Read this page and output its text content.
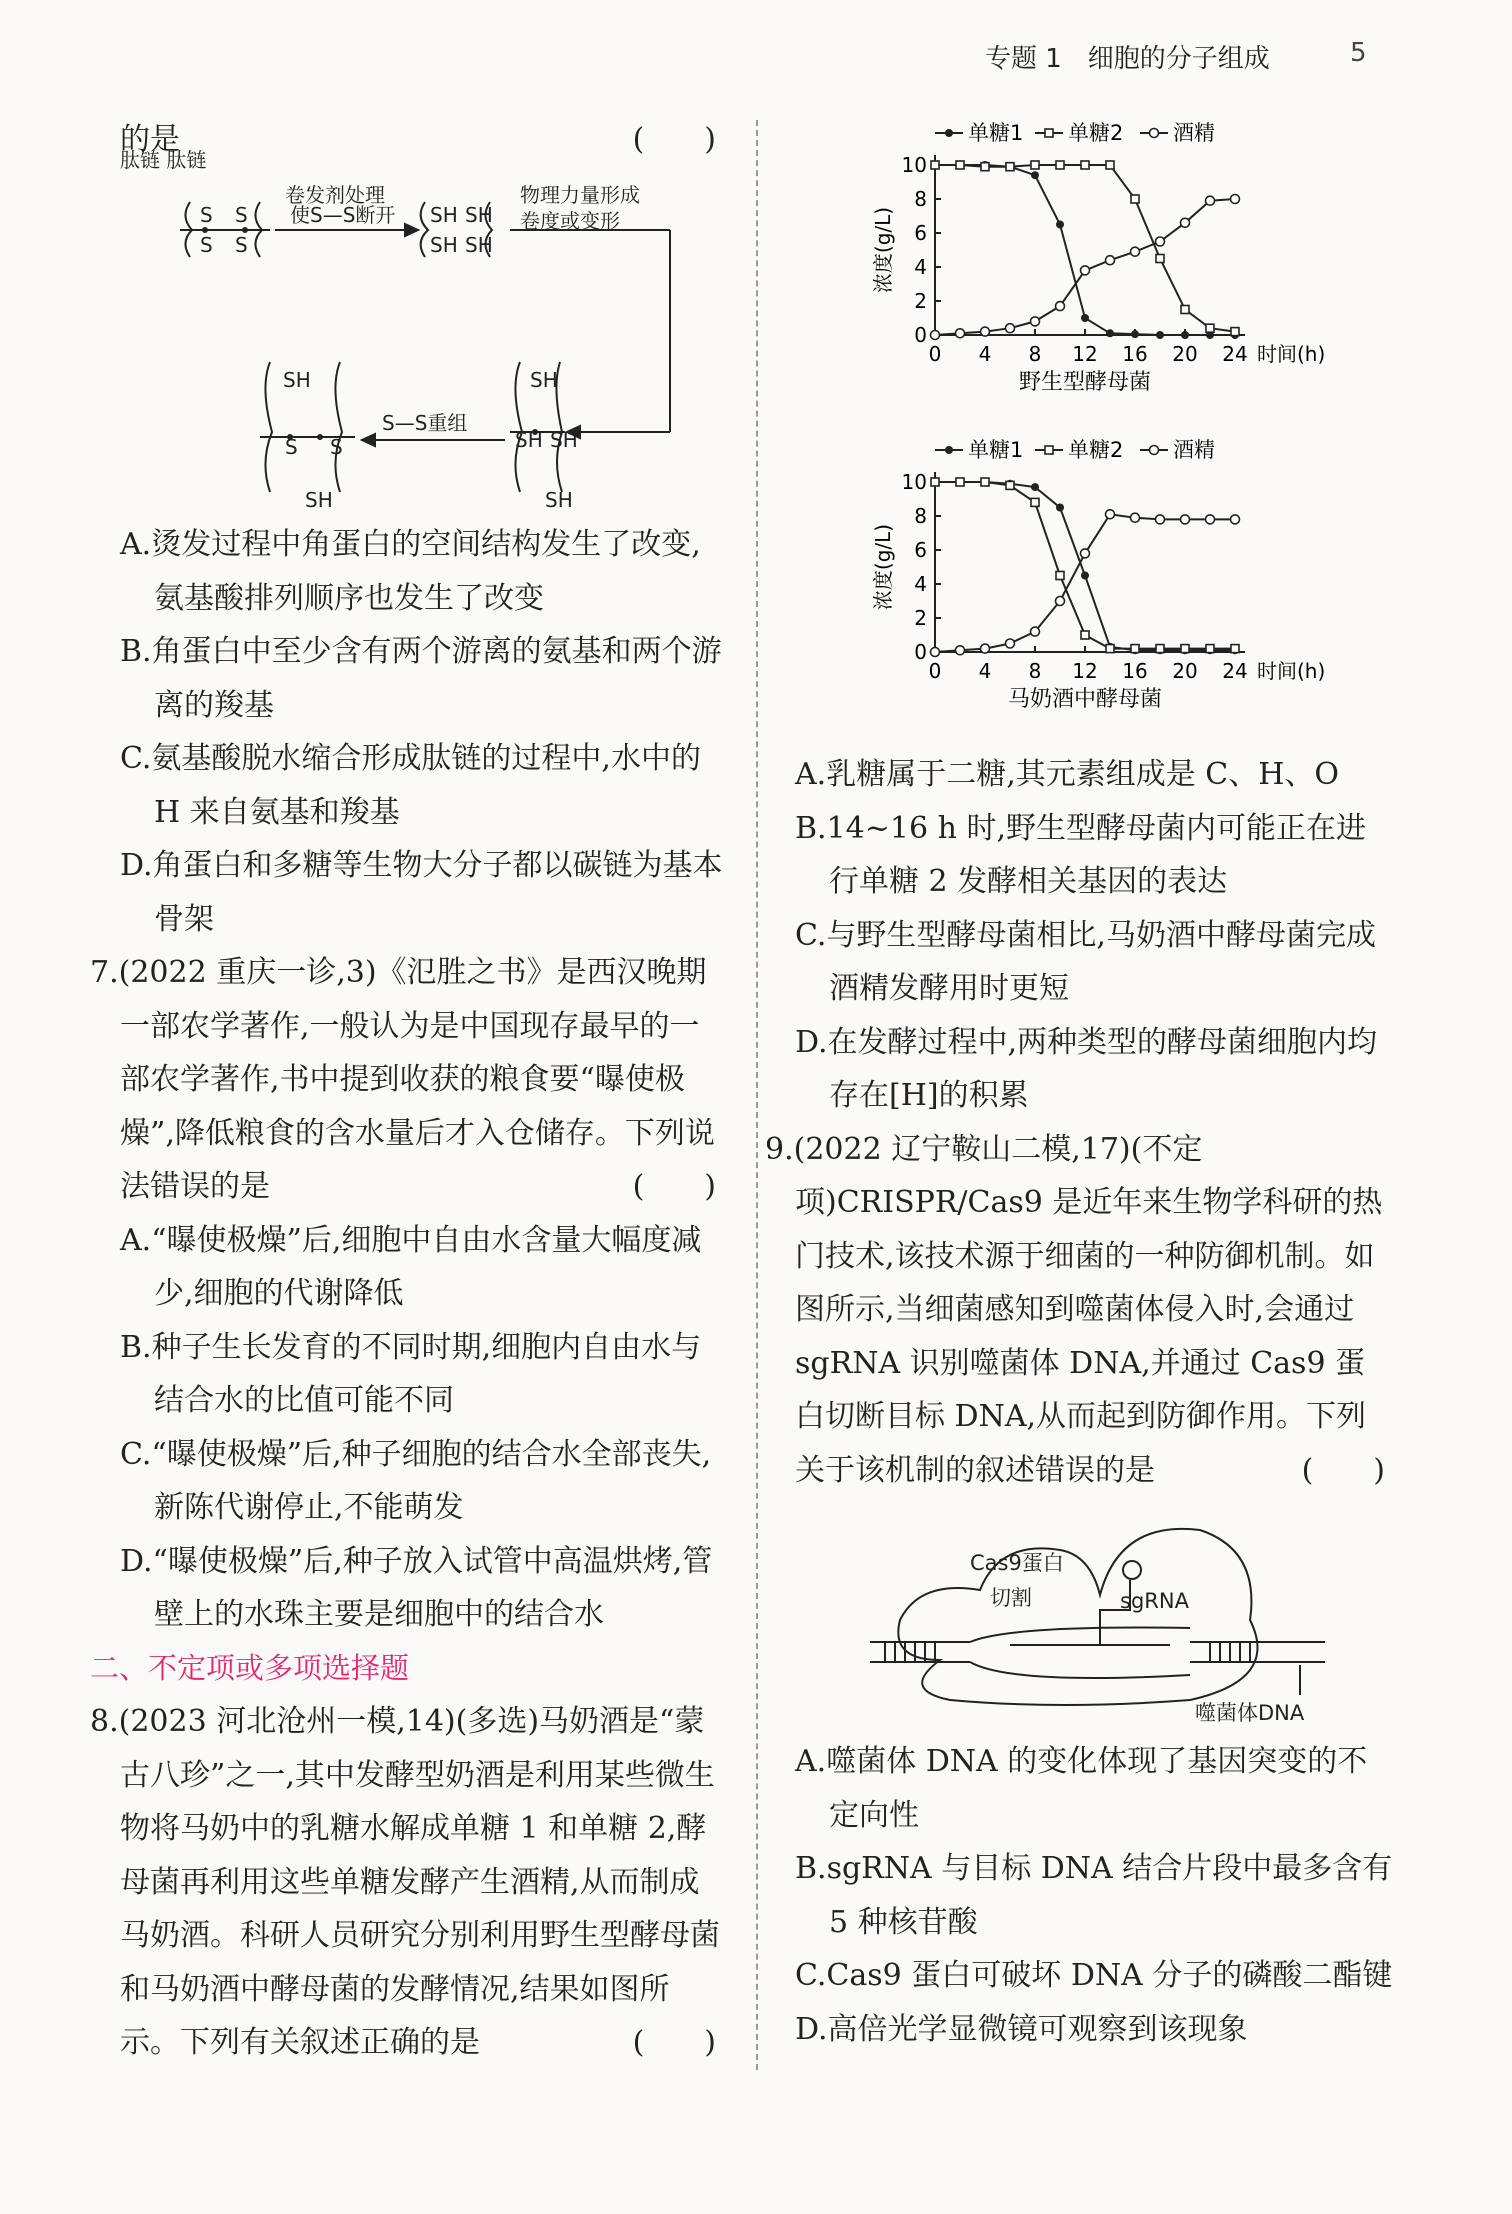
专题 1　细胞的分子组成	5

的是	(　　)

肽链 肽链
S S
S S
卷发剂处理
使S—S断开 SH SH
SH SH
物理力量形成
卷度或变形
SH
SH SH
SH
S—S重组
SH
S S
SH

A.烫发过程中角蛋白的空间结构发生了改变,氨基酸排列顺序也发生了改变

B.角蛋白中至少含有两个游离的氨基和两个游离的羧基

C.氨基酸脱水缩合形成肽链的过程中,水中的 H 来自氨基和羧基

D.角蛋白和多糖等生物大分子都以碳链为基本骨架

7.(2022 重庆一诊,3)《氾胜之书》是西汉晚期一部农学著作,一般认为是中国现存最早的一部农学著作,书中提到收获的粮食要“曝使极燥”,降低粮食的含水量后才入仓储存。下列说法错误的是	(　　)

A.“曝使极燥”后,细胞中自由水含量大幅度减少,细胞的代谢降低

B.种子生长发育的不同时期,细胞内自由水与结合水的比值可能不同

C.“曝使极燥”后,种子细胞的结合水全部丧失,新陈代谢停止,不能萌发

D.“曝使极燥”后,种子放入试管中高温烘烤,管壁上的水珠主要是细胞中的结合水

二、不定项或多项选择题

8.(2023 河北沧州一模,14)(多选)马奶酒是“蒙古八珍”之一,其中发酵型奶酒是利用某些微生物将马奶中的乳糖水解成单糖 1 和单糖 2,酵母菌再利用这些单糖发酵产生酒精,从而制成马奶酒。科研人员研究分别利用野生型酵母菌和马奶酒中酵母菌的发酵情况,结果如图所示。下列有关叙述正确的是	(　　)

单糖1 单糖2 酒精
0
2
4
6
8
10
0 4 8 12 16 20 24 时间(h)
浓度(g/L)
野生型酵母菌
单糖1 单糖2 酒精
0
2
4
6
8
10
0 4 8 12 16 20 24 时间(h)
浓度(g/L)
马奶酒中酵母菌

A.乳糖属于二糖,其元素组成是 C、H、O

B.14~16 h 时,野生型酵母菌内可能正在进行单糖 2 发酵相关基因的表达

C.与野生型酵母菌相比,马奶酒中酵母菌完成酒精发酵用时更短

D.在发酵过程中,两种类型的酵母菌细胞内均存在[H]的积累

9.(2022 辽宁鞍山二模,17)(不定项)CRISPR/Cas9 是近年来生物学科研的热门技术,该技术源于细菌的一种防御机制。如图所示,当细菌感知到噬菌体侵入时,会通过 sgRNA 识别噬菌体 DNA,并通过 Cas9 蛋白切断目标 DNA,从而起到防御作用。下列关于该机制的叙述错误的是	(　　)

Cas9蛋白
切割	sgRNA
噬菌体DNA

A.噬菌体 DNA 的变化体现了基因突变的不定向性

B.sgRNA 与目标 DNA 结合片段中最多含有 5 种核苷酸

C.Cas9 蛋白可破坏 DNA 分子的磷酸二酯键

D.高倍光学显微镜可观察到该现象
